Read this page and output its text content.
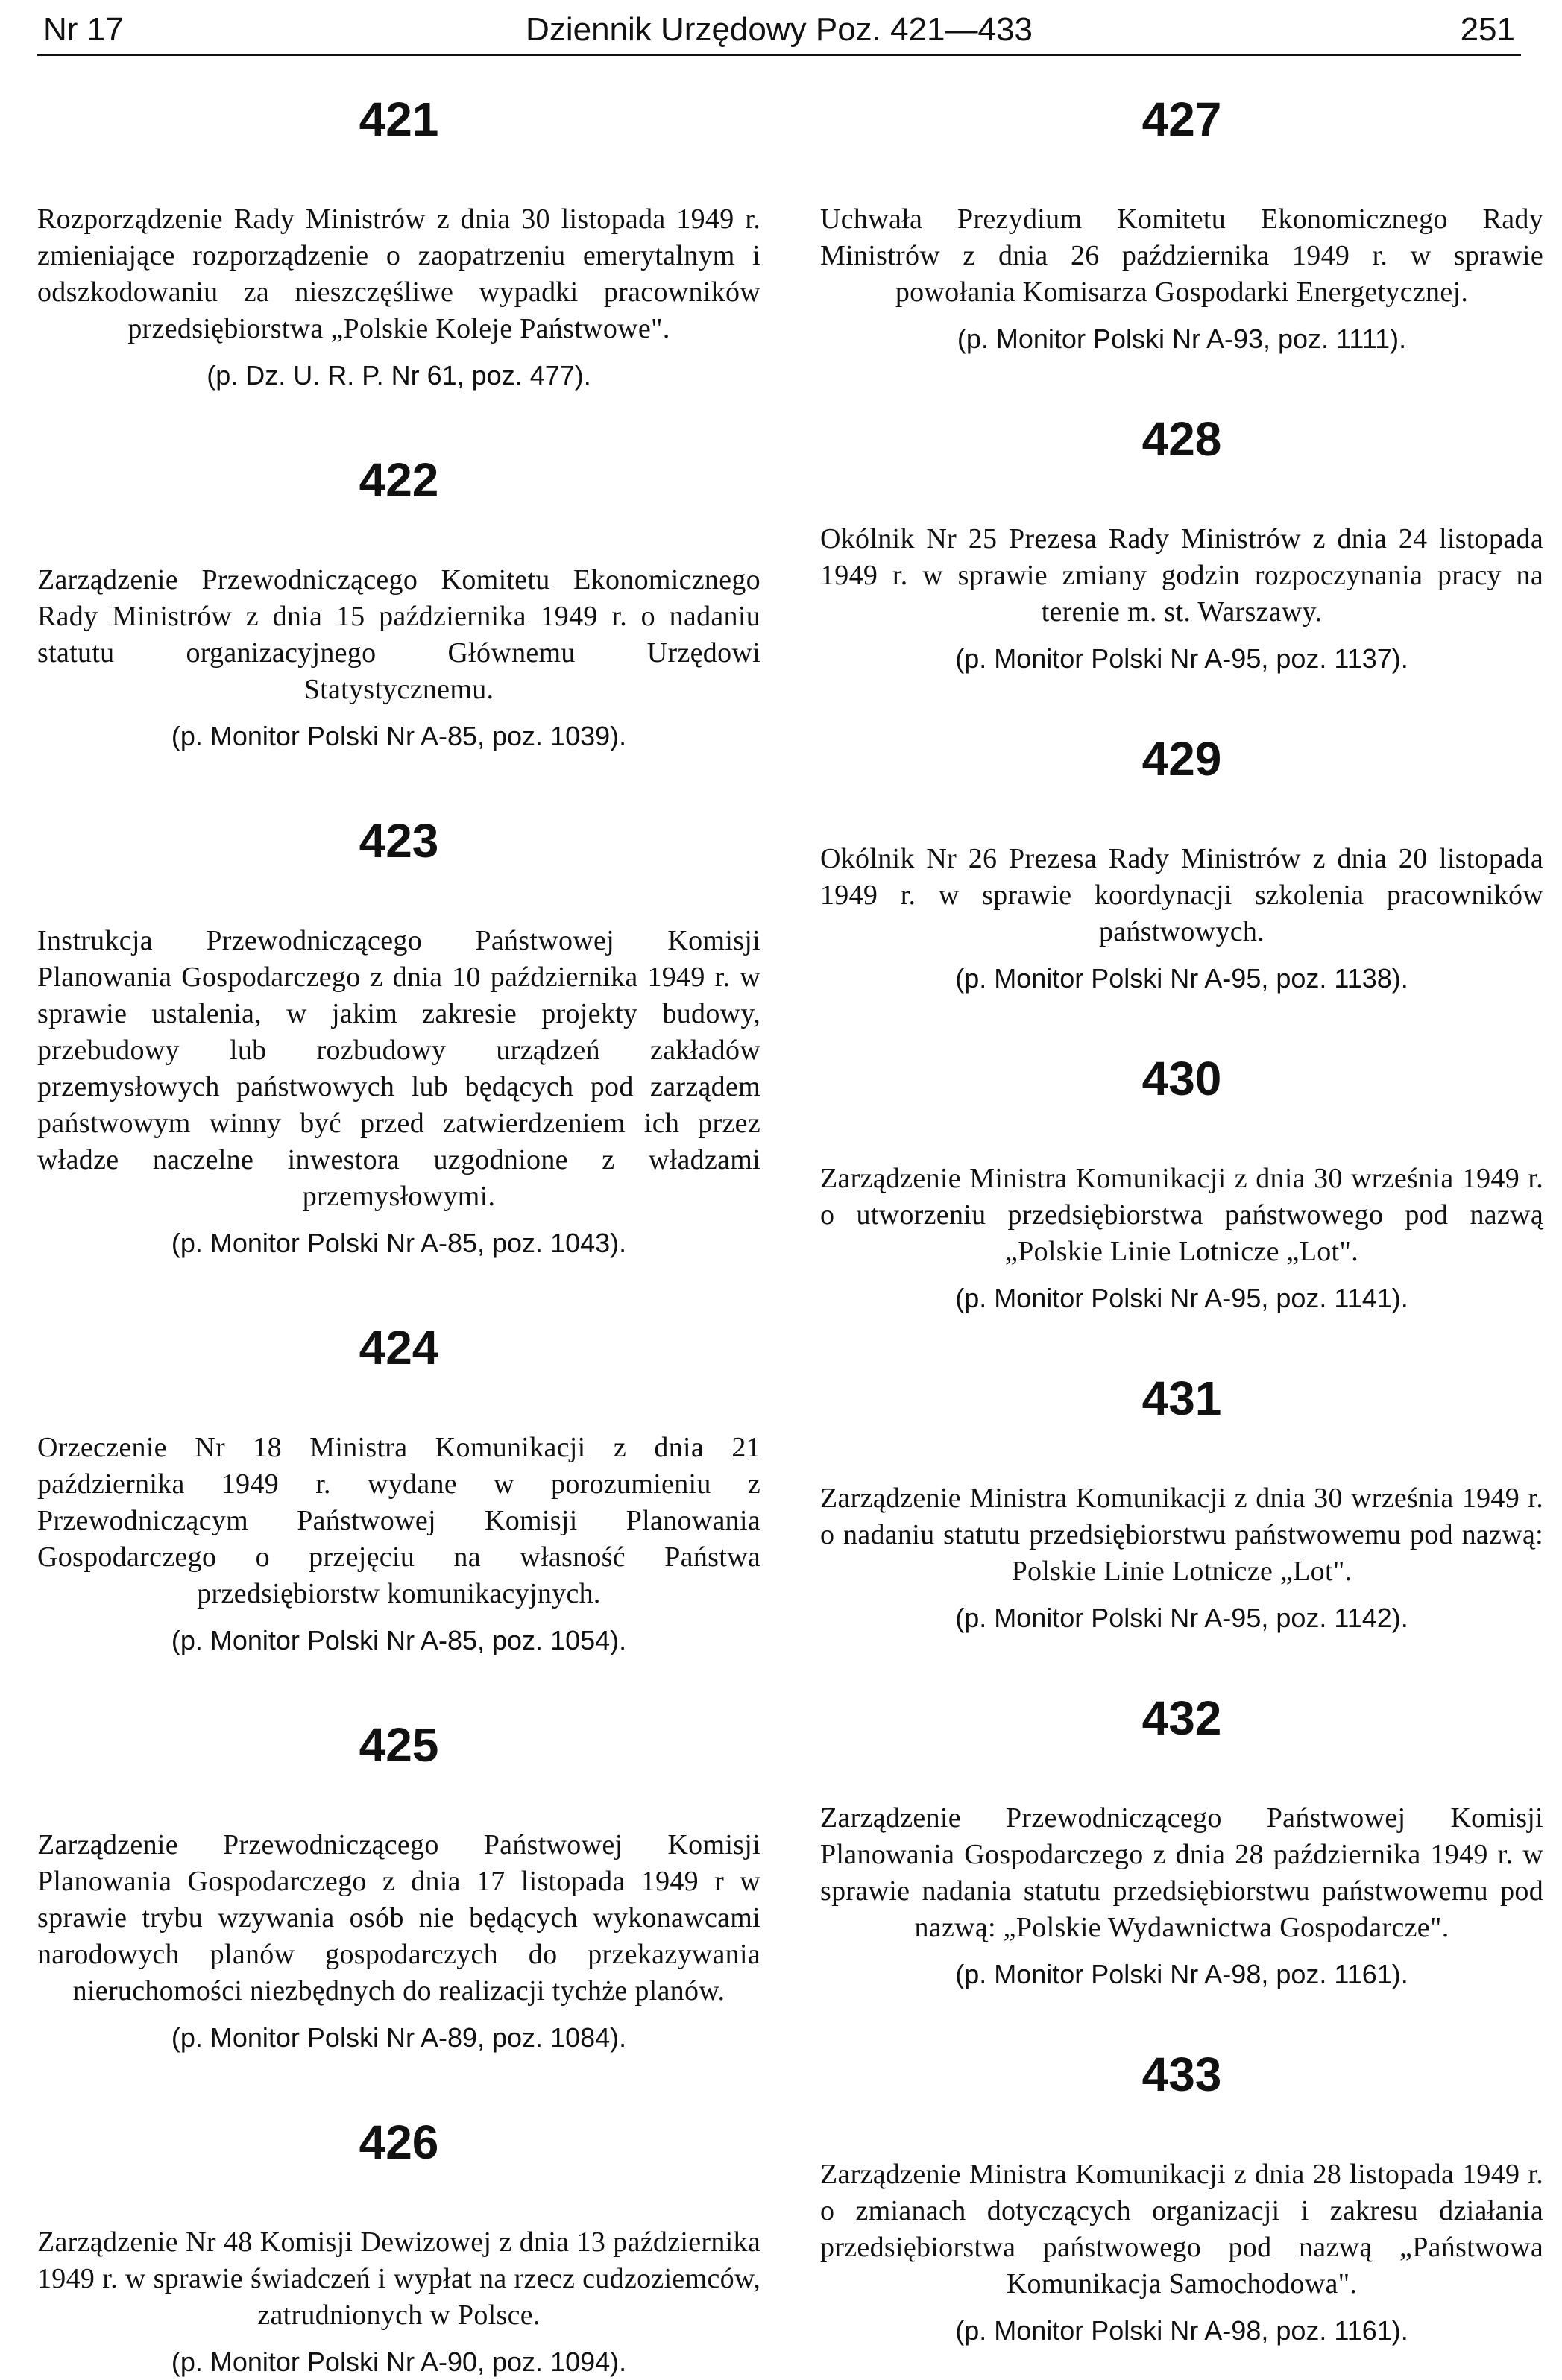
Nr 17	Dziennik Urzędowy Poz. 421—433	251
421
Rozporządzenie Rady Ministrów z dnia 30 listopada 1949 r. zmieniające rozporządzenie o zaopatrzeniu emerytalnym i odszkodowaniu za nieszczęśliwe wypadki pracowników przedsiębiorstwa „Polskie Koleje Państwowe".
(p. Dz. U. R. P. Nr 61, poz. 477).
422
Zarządzenie Przewodniczącego Komitetu Ekonomicznego Rady Ministrów z dnia 15 października 1949 r. o nadaniu statutu organizacyjnego Głównemu Urzędowi Statystycznemu.
(p. Monitor Polski Nr A-85, poz. 1039).
423
Instrukcja Przewodniczącego Państwowej Komisji Planowania Gospodarczego z dnia 10 października 1949 r. w sprawie ustalenia, w jakim zakresie projekty budowy, przebudowy lub rozbudowy urządzeń zakładów przemysłowych państwowych lub będących pod zarządem państwowym winny być przed zatwierdzeniem ich przez władze naczelne inwestora uzgodnione z władzami przemysłowymi.
(p. Monitor Polski Nr A-85, poz. 1043).
424
Orzeczenie Nr 18 Ministra Komunikacji z dnia 21 października 1949 r. wydane w porozumieniu z Przewodniczącym Państwowej Komisji Planowania Gospodarczego o przejęciu na własność Państwa przedsiębiorstw komunikacyjnych.
(p. Monitor Polski Nr A-85, poz. 1054).
425
Zarządzenie Przewodniczącego Państwowej Komisji Planowania Gospodarczego z dnia 17 listopada 1949 r w sprawie trybu wzywania osób nie będących wykonawcami narodowych planów gospodarczych do przekazywania nieruchomości niezbędnych do realizacji tychże planów.
(p. Monitor Polski Nr A-89, poz. 1084).
426
Zarządzenie Nr 48 Komisji Dewizowej z dnia 13 października 1949 r. w sprawie świadczeń i wypłat na rzecz cudzoziemców, zatrudnionych w Polsce.
(p. Monitor Polski Nr A-90, poz. 1094).
427
Uchwała Prezydium Komitetu Ekonomicznego Rady Ministrów z dnia 26 października 1949 r. w sprawie powołania Komisarza Gospodarki Energetycznej.
(p. Monitor Polski Nr A-93, poz. 1111).
428
Okólnik Nr 25 Prezesa Rady Ministrów z dnia 24 listopada 1949 r. w sprawie zmiany godzin rozpoczynania pracy na terenie m. st. Warszawy.
(p. Monitor Polski Nr A-95, poz. 1137).
429
Okólnik Nr 26 Prezesa Rady Ministrów z dnia 20 listopada 1949 r. w sprawie koordynacji szkolenia pracowników państwowych.
(p. Monitor Polski Nr A-95, poz. 1138).
430
Zarządzenie Ministra Komunikacji z dnia 30 września 1949 r. o utworzeniu przedsiębiorstwa państwowego pod nazwą „Polskie Linie Lotnicze „Lot".
(p. Monitor Polski Nr A-95, poz. 1141).
431
Zarządzenie Ministra Komunikacji z dnia 30 września 1949 r. o nadaniu statutu przedsiębiorstwu państwowemu pod nazwą: Polskie Linie Lotnicze „Lot".
(p. Monitor Polski Nr A-95, poz. 1142).
432
Zarządzenie Przewodniczącego Państwowej Komisji Planowania Gospodarczego z dnia 28 października 1949 r. w sprawie nadania statutu przedsiębiorstwu państwowemu pod nazwą: „Polskie Wydawnictwa Gospodarcze".
(p. Monitor Polski Nr A-98, poz. 1161).
433
Zarządzenie Ministra Komunikacji z dnia 28 listopada 1949 r. o zmianach dotyczących organizacji i zakresu działania przedsiębiorstwa państwowego pod nazwą „Państwowa Komunikacja Samochodowa".
(p. Monitor Polski Nr A-98, poz. 1161).
